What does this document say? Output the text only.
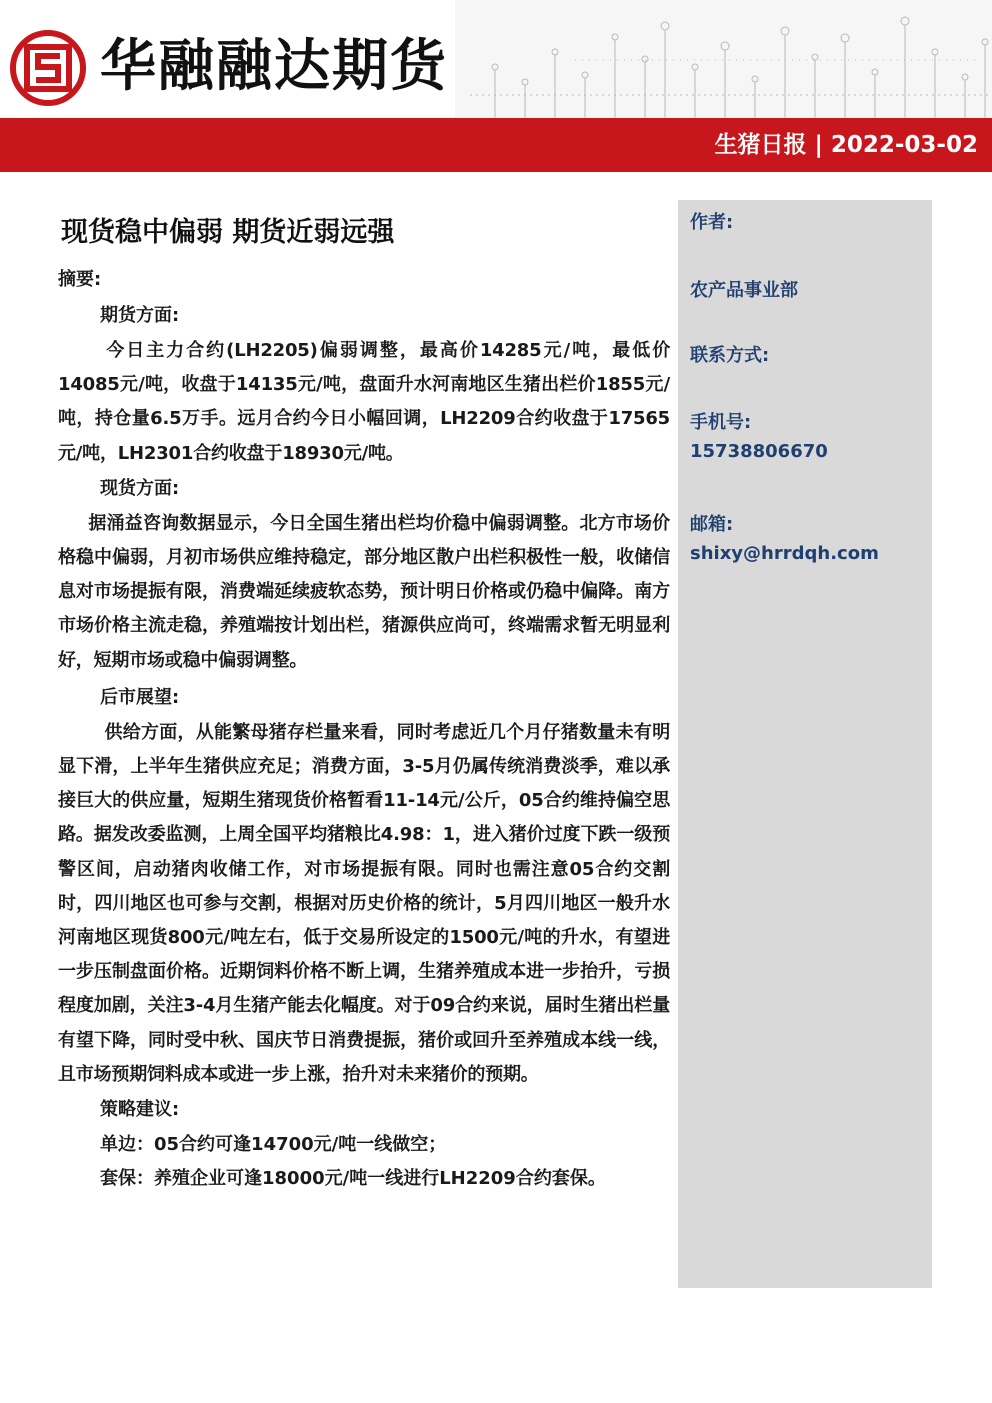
华融融达期货
生猪日报 | 2022-03-02
现货稳中偏弱 期货近弱远强

摘要:

期货方面:

今日主力合约(LH2205)偏弱调整，最高价14285元/吨，最低价14085元/吨，收盘于14135元/吨，盘面升水河南地区生猪出栏价1855元/吨，持仓量6.5万手。远月合约今日小幅回调，LH2209合约收盘于17565元/吨，LH2301合约收盘于18930元/吨。

现货方面:

据涌益咨询数据显示，今日全国生猪出栏均价稳中偏弱调整。北方市场价格稳中偏弱，月初市场供应维持稳定，部分地区散户出栏积极性一般，收储信息对市场提振有限，消费端延续疲软态势，预计明日价格或仍稳中偏降。南方市场价格主流走稳，养殖端按计划出栏，猪源供应尚可，终端需求暂无明显利好，短期市场或稳中偏弱调整。

后市展望:

供给方面，从能繁母猪存栏量来看，同时考虑近几个月仔猪数量未有明显下滑，上半年生猪供应充足；消费方面，3-5月仍属传统消费淡季，难以承接巨大的供应量，短期生猪现货价格暂看11-14元/公斤，05合约维持偏空思路。据发改委监测，上周全国平均猪粮比4.98：1，进入猪价过度下跌一级预警区间，启动猪肉收储工作，对市场提振有限。同时也需注意05合约交割时，四川地区也可参与交割，根据对历史价格的统计，5月四川地区一般升水河南地区现货800元/吨左右，低于交易所设定的1500元/吨的升水，有望进一步压制盘面价格。近期饲料价格不断上调，生猪养殖成本进一步抬升，亏损程度加剧，关注3-4月生猪产能去化幅度。对于09合约来说，届时生猪出栏量有望下降，同时受中秋、国庆节日消费提振，猪价或回升至养殖成本线一线，且市场预期饲料成本或进一步上涨，抬升对未来猪价的预期。

策略建议:

单边：05合约可逢14700元/吨一线做空；

套保：养殖企业可逢18000元/吨一线进行LH2209合约套保。

作者:
农产品事业部
联系方式:
手机号:
15738806670
邮箱:
shixy@hrrdqh.com
